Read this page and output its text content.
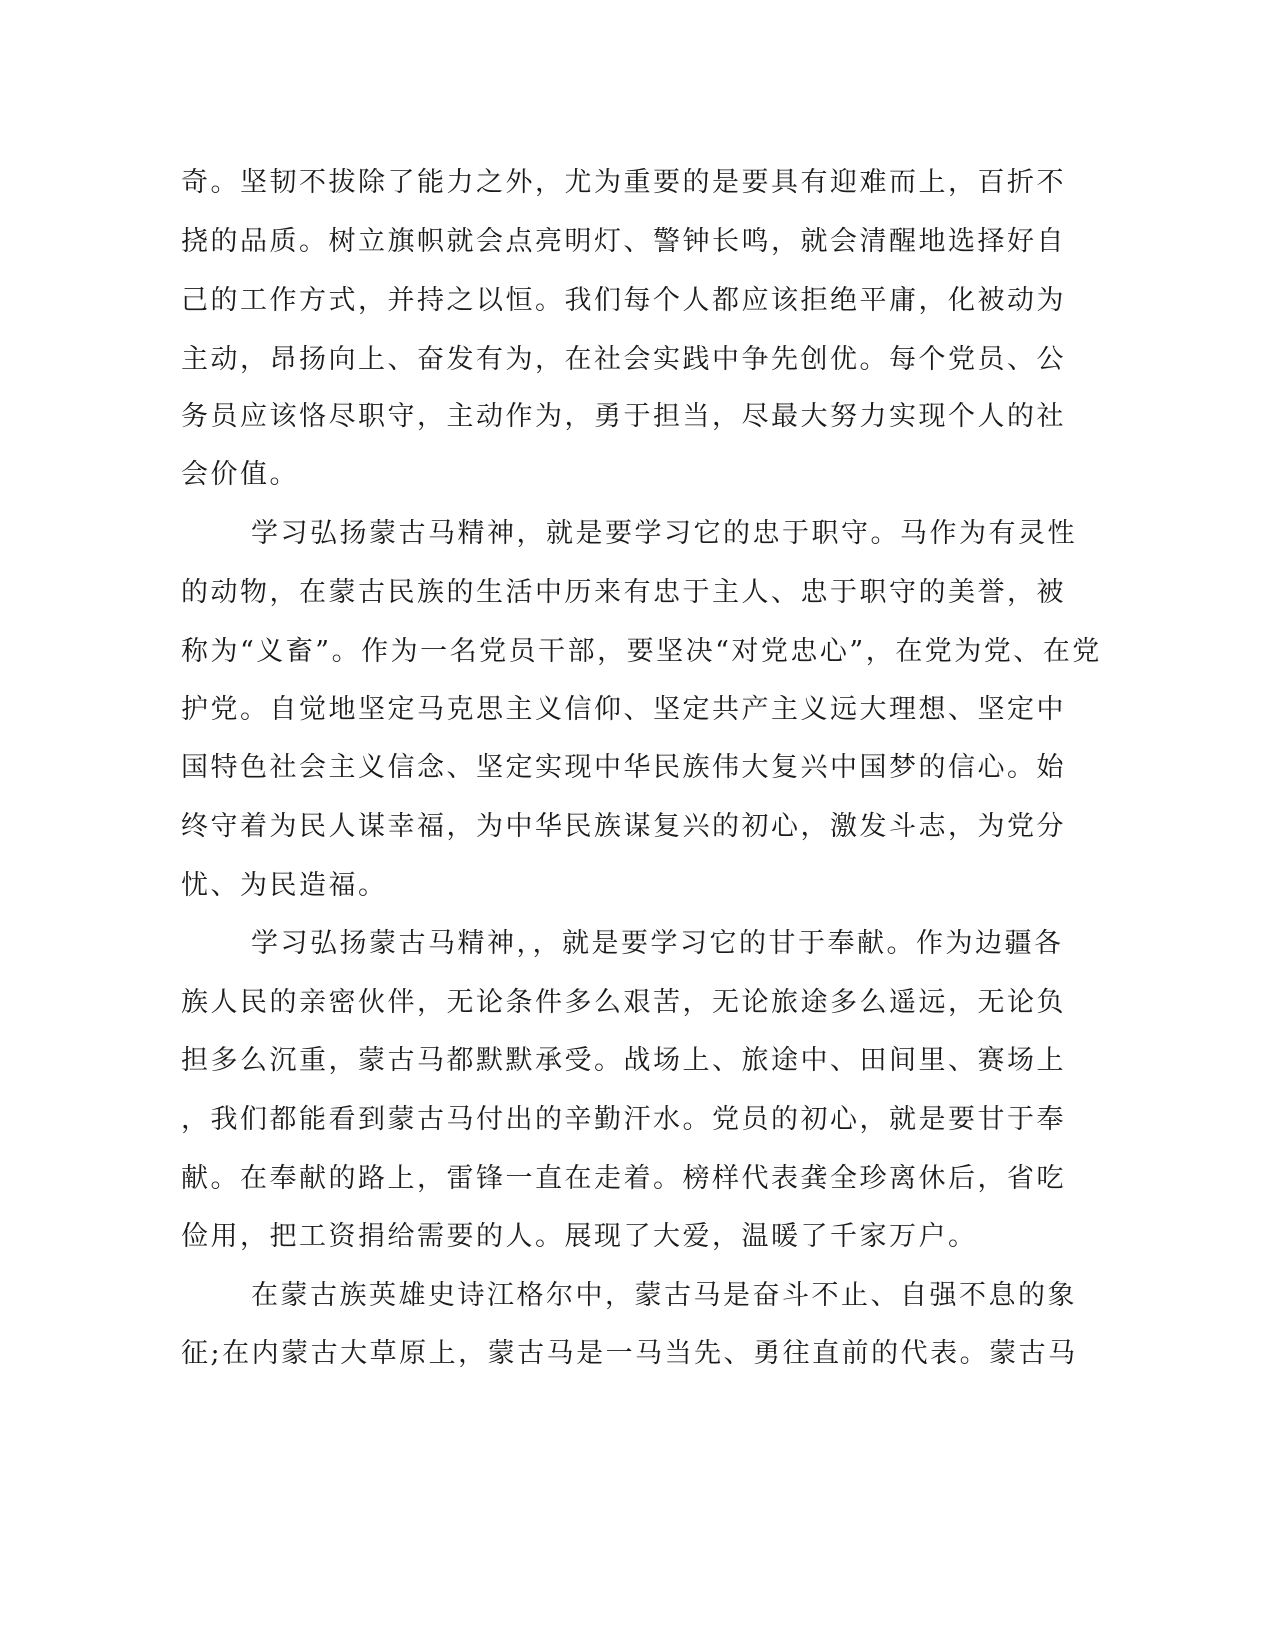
奇。坚韧不拔除了能力之外，尤为重要的是要具有迎难而上，百折不
挠的品质。树立旗帜就会点亮明灯、警钟长鸣，就会清醒地选择好自
己的工作方式，并持之以恒。我们每个人都应该拒绝平庸，化被动为
主动，昂扬向上、奋发有为，在社会实践中争先创优。每个党员、公
务员应该恪尽职守，主动作为，勇于担当，尽最大努力实现个人的社
会价值。
学习弘扬蒙古马精神，就是要学习它的忠于职守。马作为有灵性
的动物，在蒙古民族的生活中历来有忠于主人、忠于职守的美誉，被
称为“义畜”。作为一名党员干部，要坚决“对党忠心”，在党为党、在党
护党。自觉地坚定马克思主义信仰、坚定共产主义远大理想、坚定中
国特色社会主义信念、坚定实现中华民族伟大复兴中国梦的信心。始
终守着为民人谋幸福，为中华民族谋复兴的初心，激发斗志，为党分
忧、为民造福。
学习弘扬蒙古马精神，，就是要学习它的甘于奉献。作为边疆各
族人民的亲密伙伴，无论条件多么艰苦，无论旅途多么遥远，无论负
担多么沉重，蒙古马都默默承受。战场上、旅途中、田间里、赛场上
，我们都能看到蒙古马付出的辛勤汗水。党员的初心，就是要甘于奉
献。在奉献的路上，雷锋一直在走着。榜样代表龚全珍离休后，省吃
俭用，把工资捐给需要的人。展现了大爱，温暖了千家万户。
在蒙古族英雄史诗江格尔中，蒙古马是奋斗不止、自强不息的象
征;在内蒙古大草原上，蒙古马是一马当先、勇往直前的代表。蒙古马
